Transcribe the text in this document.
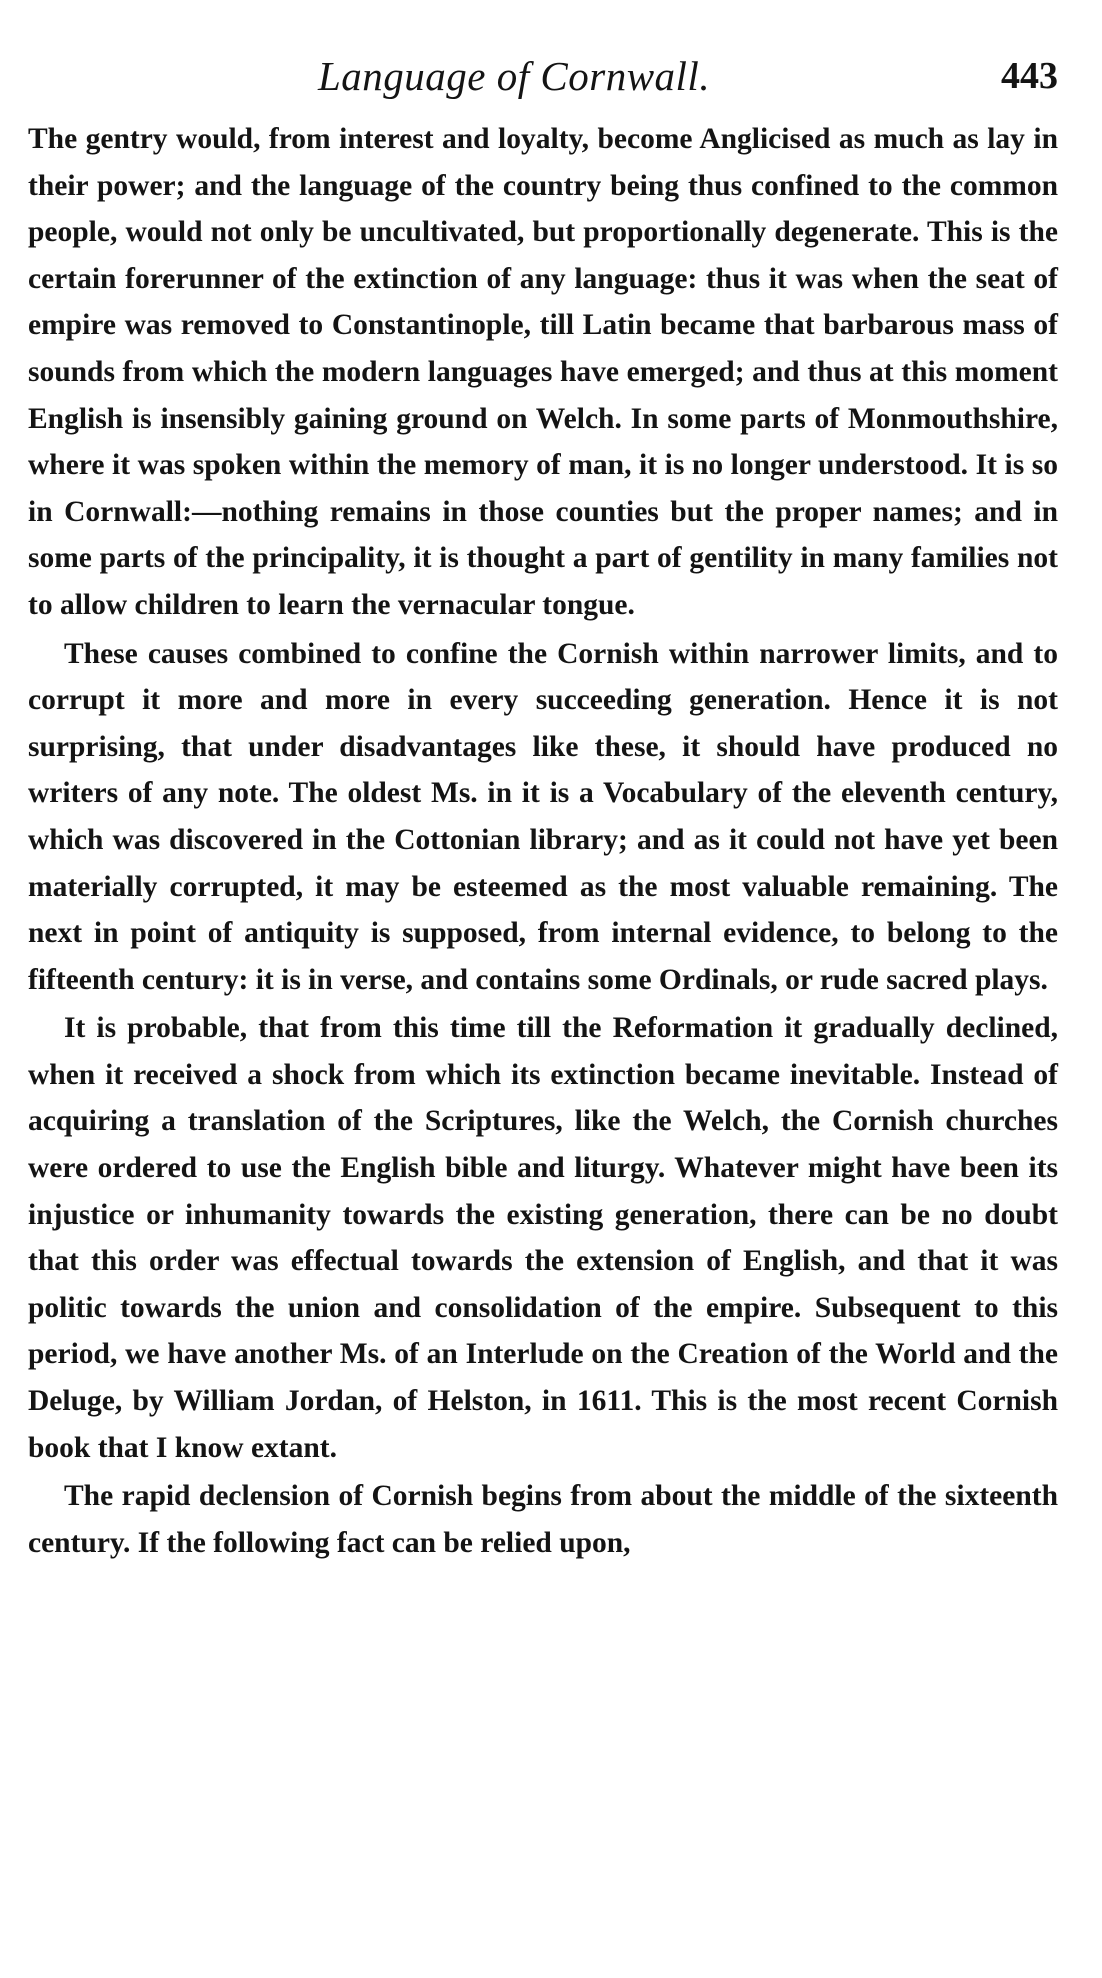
Language of Cornwall.	443

The gentry would, from interest and loyalty, become Anglicised as much as lay in their power; and the language of the country being thus confined to the common people, would not only be uncultivated, but proportionally degenerate. This is the certain forerunner of the extinction of any language: thus it was when the seat of empire was removed to Constantinople, till Latin became that barbarous mass of sounds from which the modern languages have emerged; and thus at this moment English is insensibly gaining ground on Welch. In some parts of Monmouthshire, where it was spoken within the memory of man, it is no longer understood. It is so in Cornwall:—nothing remains in those counties but the proper names; and in some parts of the principality, it is thought a part of gentility in many families not to allow children to learn the vernacular tongue.

These causes combined to confine the Cornish within narrower limits, and to corrupt it more and more in every succeeding generation. Hence it is not surprising, that under disadvantages like these, it should have produced no writers of any note. The oldest Ms. in it is a Vocabulary of the eleventh century, which was discovered in the Cottonian library; and as it could not have yet been materially corrupted, it may be esteemed as the most valuable remaining. The next in point of antiquity is supposed, from internal evidence, to belong to the fifteenth century: it is in verse, and contains some Ordinals, or rude sacred plays.

It is probable, that from this time till the Reformation it gradually declined, when it received a shock from which its extinction became inevitable. Instead of acquiring a translation of the Scriptures, like the Welch, the Cornish churches were ordered to use the English bible and liturgy. Whatever might have been its injustice or inhumanity towards the existing generation, there can be no doubt that this order was effectual towards the extension of English, and that it was politic towards the union and consolidation of the empire. Subsequent to this period, we have another Ms. of an Interlude on the Creation of the World and the Deluge, by William Jordan, of Helston, in 1611. This is the most recent Cornish book that I know extant.

The rapid declension of Cornish begins from about the middle of the sixteenth century. If the following fact can be relied upon,
